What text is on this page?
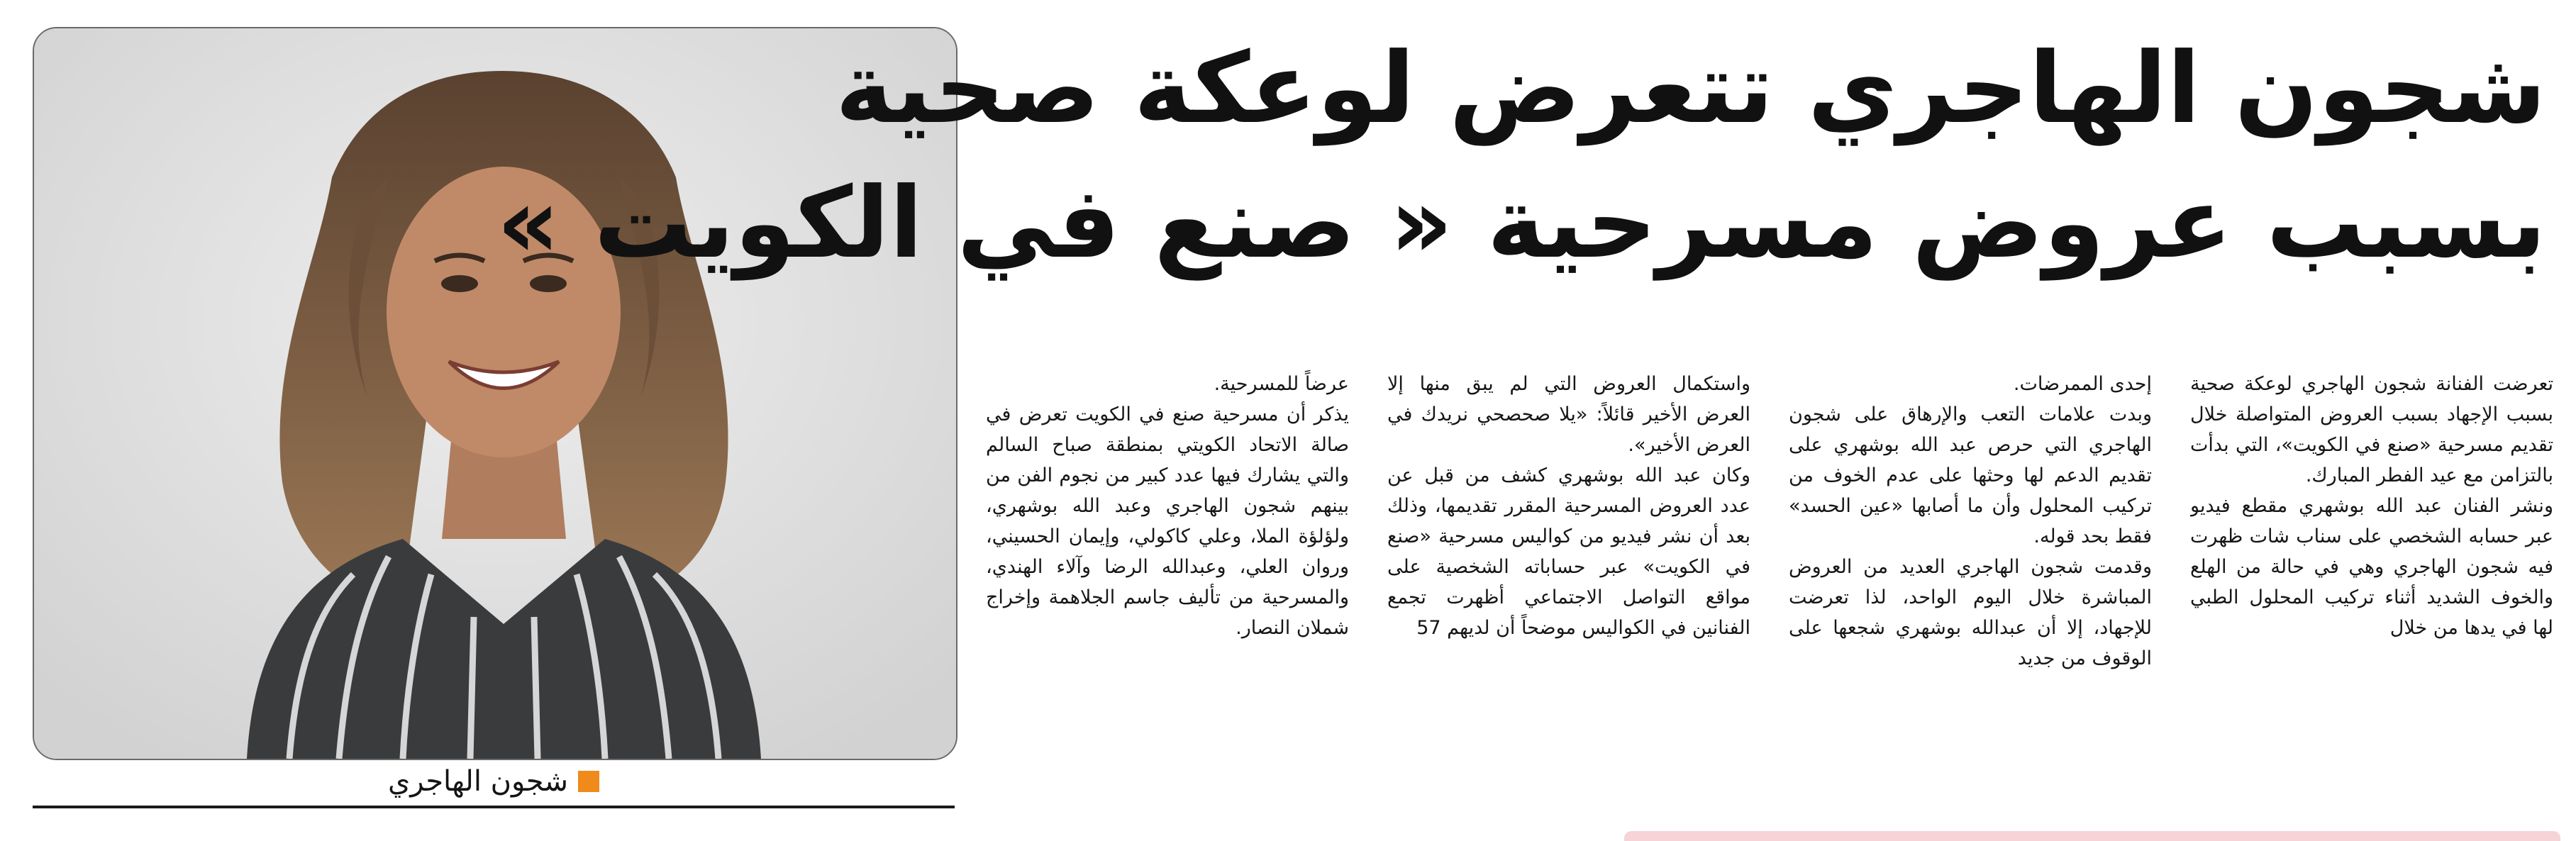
شجون الهاجري
شجون الهاجري تتعرض لوعكة صحية
بسبب عروض مسرحية « صنع في الكويت »

تعرضت الفنانة شجون الهاجري لوعكة صحية بسبب الإجهاد بسبب العروض المتواصلة خلال تقديم مسرحية «صنع في الكويت»، التي بدأت بالتزامن مع عيد الفطر المبارك.

ونشر الفنان عبد الله بوشهري مقطع فيديو عبر حسابه الشخصي على سناب شات ظهرت فيه شجون الهاجري وهي في حالة من الهلع والخوف الشديد أثناء تركيب المحلول الطبي لها في يدها من خلال

إحدى الممرضات.

وبدت علامات التعب والإرهاق على شجون الهاجري التي حرص عبد الله بوشهري على تقديم الدعم لها وحثها على عدم الخوف من تركيب المحلول وأن ما أصابها «عين الحسد» فقط بحد قوله.

وقدمت شجون الهاجري العديد من العروض المباشرة خلال اليوم الواحد، لذا تعرضت للإجهاد، إلا أن عبدالله بوشهري شجعها على الوقوف من جديد

واستكمال العروض التي لم يبق منها إلا العرض الأخير قائلاً: «يلا صحصحي نريدك في العرض الأخير».

وكان عبد الله بوشهري كشف من قبل عن عدد العروض المسرحية المقرر تقديمها، وذلك بعد أن نشر فيديو من كواليس مسرحية «صنع في الكويت» عبر حساباته الشخصية على مواقع التواصل الاجتماعي أظهرت تجمع الفنانين في الكواليس موضحاً أن لديهم 57

عرضاً للمسرحية.

يذكر أن مسرحية صنع في الكويت تعرض في صالة الاتحاد الكويتي بمنطقة صباح السالم والتي يشارك فيها عدد كبير من نجوم الفن من بينهم شجون الهاجري وعبد الله بوشهري، ولؤلؤة الملا، وعلي كاكولي، وإيمان الحسيني، وروان العلي، وعبدالله الرضا وآلاء الهندي، والمسرحية من تأليف جاسم الجلاهمة وإخراج شملان النصار.
